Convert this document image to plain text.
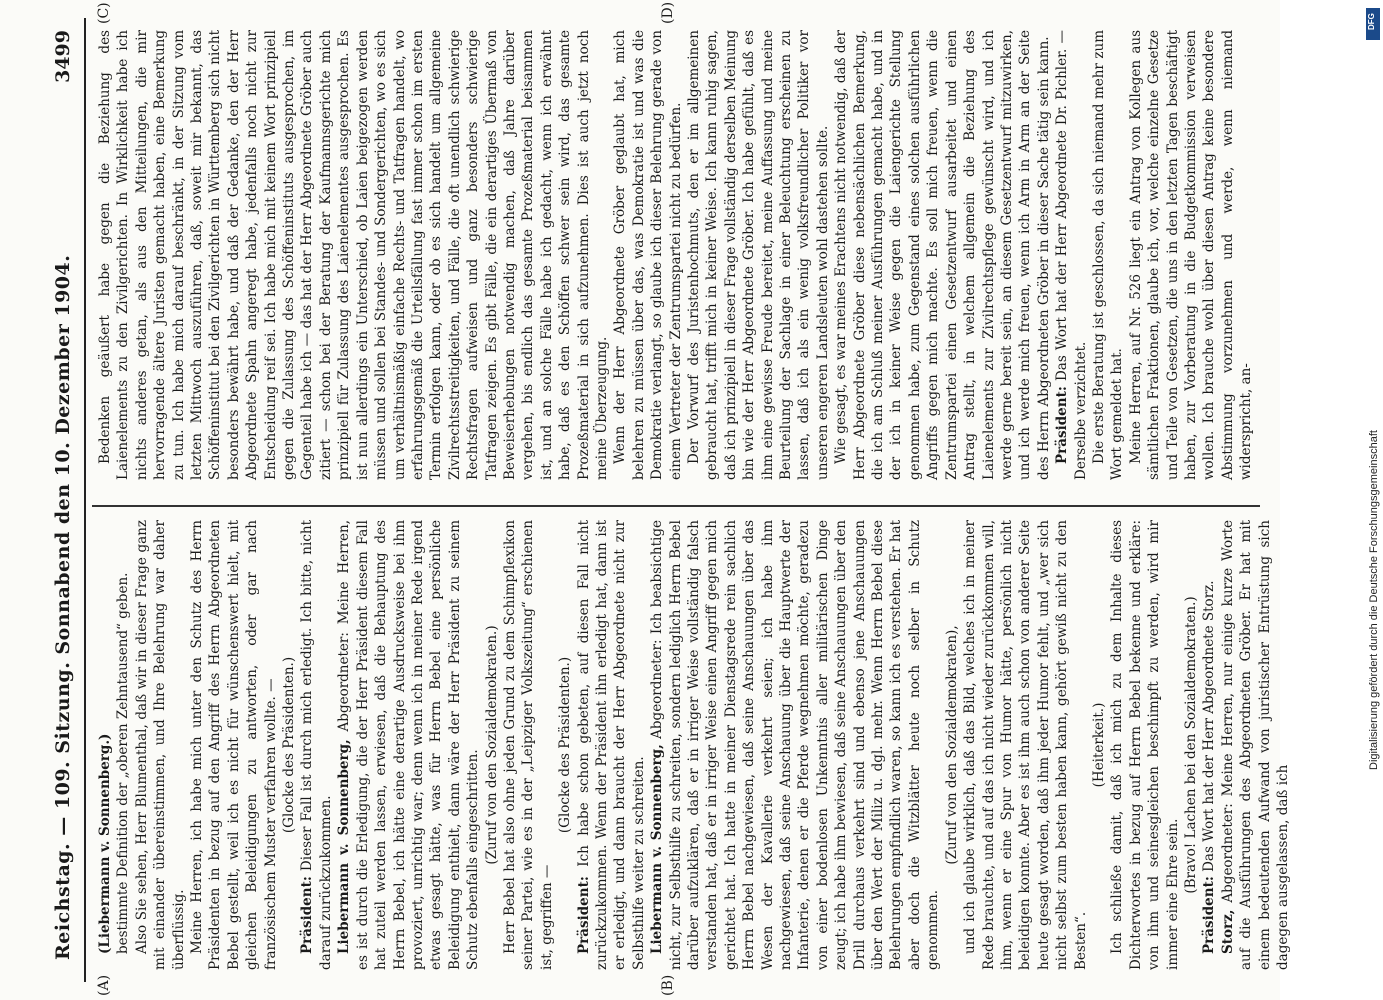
Reichstag. — 109. Sitzung. Sonnabend den 10. Dezember 1904.
3499
(A)	(B)
(C)	(D)

(Liebermann v. Sonnenberg.) bestimmte Definition der „oberen Zehntausend“ geben. Also Sie sehen, Herr Blumenthal, daß wir in dieser Frage ganz mit einander übereinstimmen, und Ihre Belehrung war daher überflüssig. Meine Herren, ich habe mich unter den Schutz des Herrn Präsidenten in bezug auf den Angriff des Herrn Abgeordneten Bebel gestellt, weil ich es nicht für wünschenswert hielt, mit gleichen Beleidigungen zu antworten, oder gar nach französischem Muster verfahren wollte. — (Glocke des Präsidenten.)

Präsident: Dieser Fall ist durch mich erledigt. Ich bitte, nicht darauf zurückzukommen. Liebermann v. Sonnenberg, Abgeordneter: Meine Herren, es ist durch die Erledigung, die der Herr Präsident diesem Fall hat zuteil werden lassen, erwiesen, daß die Behauptung des Herrn Bebel, ich hätte eine derartige Ausdrucksweise bei ihm provoziert, unrichtig war; denn wenn ich in meiner Rede irgend etwas gesagt hätte, was für Herrn Bebel eine persönliche Beleidigung enthielt, dann wäre der Herr Präsident zu seinem Schutz ebenfalls eingeschritten. (Zuruf von den Sozialdemokraten.) Herr Bebel hat also ohne jeden Grund zu dem Schimpflexikon seiner Partei, wie es in der „Leipziger Volkszeitung“ erschienen ist, gegriffen —

(Glocke des Präsidenten.)

Präsident: Ich habe schon gebeten, auf diesen Fall nicht zurückzukommen. Wenn der Präsident ihn erledigt hat, dann ist er erledigt, und dann braucht der Herr Abgeordnete nicht zur Selbsthilfe weiter zu schreiten. Liebermann v. Sonnenberg, Abgeordneter: Ich beabsichtige nicht, zur Selbsthilfe zu schreiten, sondern lediglich Herrn Bebel darüber aufzuklären, daß er in irriger Weise vollständig falsch verstanden hat, daß er in irriger Weise einen Angriff gegen mich gerichtet hat. Ich hatte in meiner Dienstagsrede rein sachlich Herrn Bebel nachgewiesen, daß seine Anschauungen über das Wesen der Kavallerie verkehrt seien; ich habe ihm nachgewiesen, daß seine Anschauung über die Hauptwerte der Infanterie, denen er die Pferde wegnehmen möchte, geradezu von einer bodenlosen Unkenntnis aller militärischen Dinge zeugt; ich habe ihm bewiesen, daß seine Anschauungen über den Drill durchaus verkehrt sind und ebenso jene Anschauungen über den Wert der Miliz u. dgl. mehr. Wenn Herrn Bebel diese Belehrungen empfindlich waren, so kann ich es verstehen. Er hat aber doch die Witzblätter heute noch selber in Schutz genommen.

(Zuruf von den Sozialdemokraten), und ich glaube wirklich, daß das Bild, welches ich in meiner Rede brauchte, und auf das ich nicht wieder zurückkommen will, ihm, wenn er eine Spur von Humor hätte, persönlich nicht beleidigen konnte. Aber es ist ihm auch schon von anderer Seite heute gesagt worden, daß ihm jeder Humor fehlt, und „wer sich nicht selbst zum besten haben kann, gehört gewiß nicht zu den Besten“.

(Heiterkeit.) Ich schließe damit, daß ich mich zu dem Inhalte dieses Dichterwortes in bezug auf Herrn Bebel bekenne und erkläre: von ihm und seinesgleichen beschimpft zu werden, wird mir immer eine Ehre sein.

(Bravo! Lachen bei den Sozialdemokraten.)

Präsident: Das Wort hat der Herr Abgeordnete Storz.

Storz, Abgeordneter: Meine Herren, nur einige kurze Worte auf die Ausführungen des Abgeordneten Gröber. Er hat mit einem bedeutenden Aufwand von juristischer Entrüstung sich dagegen ausgelassen, daß ich

Bedenken geäußert habe gegen die Beziehung des Laienelements zu den Zivilgerichten. In Wirklichkeit habe ich nichts anderes getan, als aus den Mitteilungen, die mir hervorragende ältere Juristen gemacht haben, eine Bemerkung zu tun. Ich habe mich darauf beschränkt, in der Sitzung vom letzten Mittwoch auszuführen, daß, soweit mir bekannt, das Schöffeninstitut bei den Zivilgerichten in Württemberg sich nicht besonders bewährt habe, und daß der Gedanke, den der Herr Abgeordnete Spahn angeregt habe, jedenfalls noch nicht zur Entscheidung reif sei. Ich habe mich mit keinem Wort prinzipiell gegen die Zulassung des Schöffeninstituts ausgesprochen, im Gegenteil habe ich — das hat der Herr Abgeordnete Gröber auch zitiert — schon bei der Beratung der Kaufmannsgerichte mich prinzipiell für Zulassung des Laienelementes ausgesprochen. Es ist nun allerdings ein Unterschied, ob Laien beigezogen werden müssen und sollen bei Standes- und Sondergerichten, wo es sich um verhältnismäßig einfache Rechts- und Tatfragen handelt, wo erfahrungsgemäß die Urteilsfällung fast immer schon im ersten Termin erfolgen kann, oder ob es sich handelt um allgemeine Zivilrechtsstreitigkeiten, und Fälle, die oft unendlich schwierige Rechtsfragen aufweisen und ganz besonders schwierige Tatfragen zeigen. Es gibt Fälle, die ein derartiges Übermaß von Beweiserhebungen notwendig machen, daß Jahre darüber vergehen, bis endlich das gesamte Prozeßmaterial beisammen ist, und an solche Fälle habe ich gedacht, wenn ich erwähnt habe, daß es den Schöffen schwer sein wird, das gesamte Prozeßmaterial in sich aufzunehmen. Dies ist auch jetzt noch meine Überzeugung. Wenn der Herr Abgeordnete Gröber geglaubt hat, mich belehren zu müssen über das, was Demokratie ist und was die Demokratie verlangt, so glaube ich dieser Belehrung gerade von einem Vertreter der Zentrumspartei nicht zu bedürfen. Der Vorwurf des Juristenhochmuts, den er im allgemeinen gebraucht hat, trifft mich in keiner Weise. Ich kann ruhig sagen, daß ich prinzipiell in dieser Frage vollständig derselben Meinung bin wie der Herr Abgeordnete Gröber. Ich habe gefühlt, daß es ihm eine gewisse Freude bereitet, meine Auffassung und meine Beurteilung der Sachlage in einer Beleuchtung erscheinen zu lassen, daß ich als ein wenig volksfreundlicher Politiker vor unseren engeren Landsleuten wohl dastehen sollte. Wie gesagt, es war meines Erachtens nicht notwendig, daß der Herr Abgeordnete Gröber diese nebensächlichen Bemerkung, die ich am Schluß meiner Ausführungen gemacht habe, und in der ich in keiner Weise gegen die Laiengerichte Stellung genommen habe, zum Gegenstand eines solchen ausführlichen Angriffs gegen mich machte. Es soll mich freuen, wenn die Zentrumspartei einen Gesetzentwurf ausarbeitet und einen Antrag stellt, in welchem allgemein die Beziehung des Laienelements zur Zivilrechtspflege gewünscht wird, und ich werde gerne bereit sein, an diesem Gesetzentwurf mitzuwirken, und ich werde mich freuen, wenn ich Arm in Arm an der Seite des Herrn Abgeordneten Gröber in dieser Sache tätig sein kann. Präsident: Das Wort hat der Herr Abgeordnete Dr. Pichler. — Derselbe verzichtet. Die erste Beratung ist geschlossen, da sich niemand mehr zum Wort gemeldet hat. Meine Herren, auf Nr. 526 liegt ein Antrag von Kollegen aus sämtlichen Fraktionen, glaube ich, vor, welche einzelne Gesetze und Teile von Gesetzen, die uns in den letzten Tagen beschäftigt haben, zur Vorberatung in die Budgetkommission verweisen wollen. Ich brauche wohl über diesen Antrag keine besondere Abstimmung vorzunehmen und werde, wenn niemand widerspricht, an-

Digitalisierung gefördert durch die Deutsche Forschungsgemeinschaft
DFG
